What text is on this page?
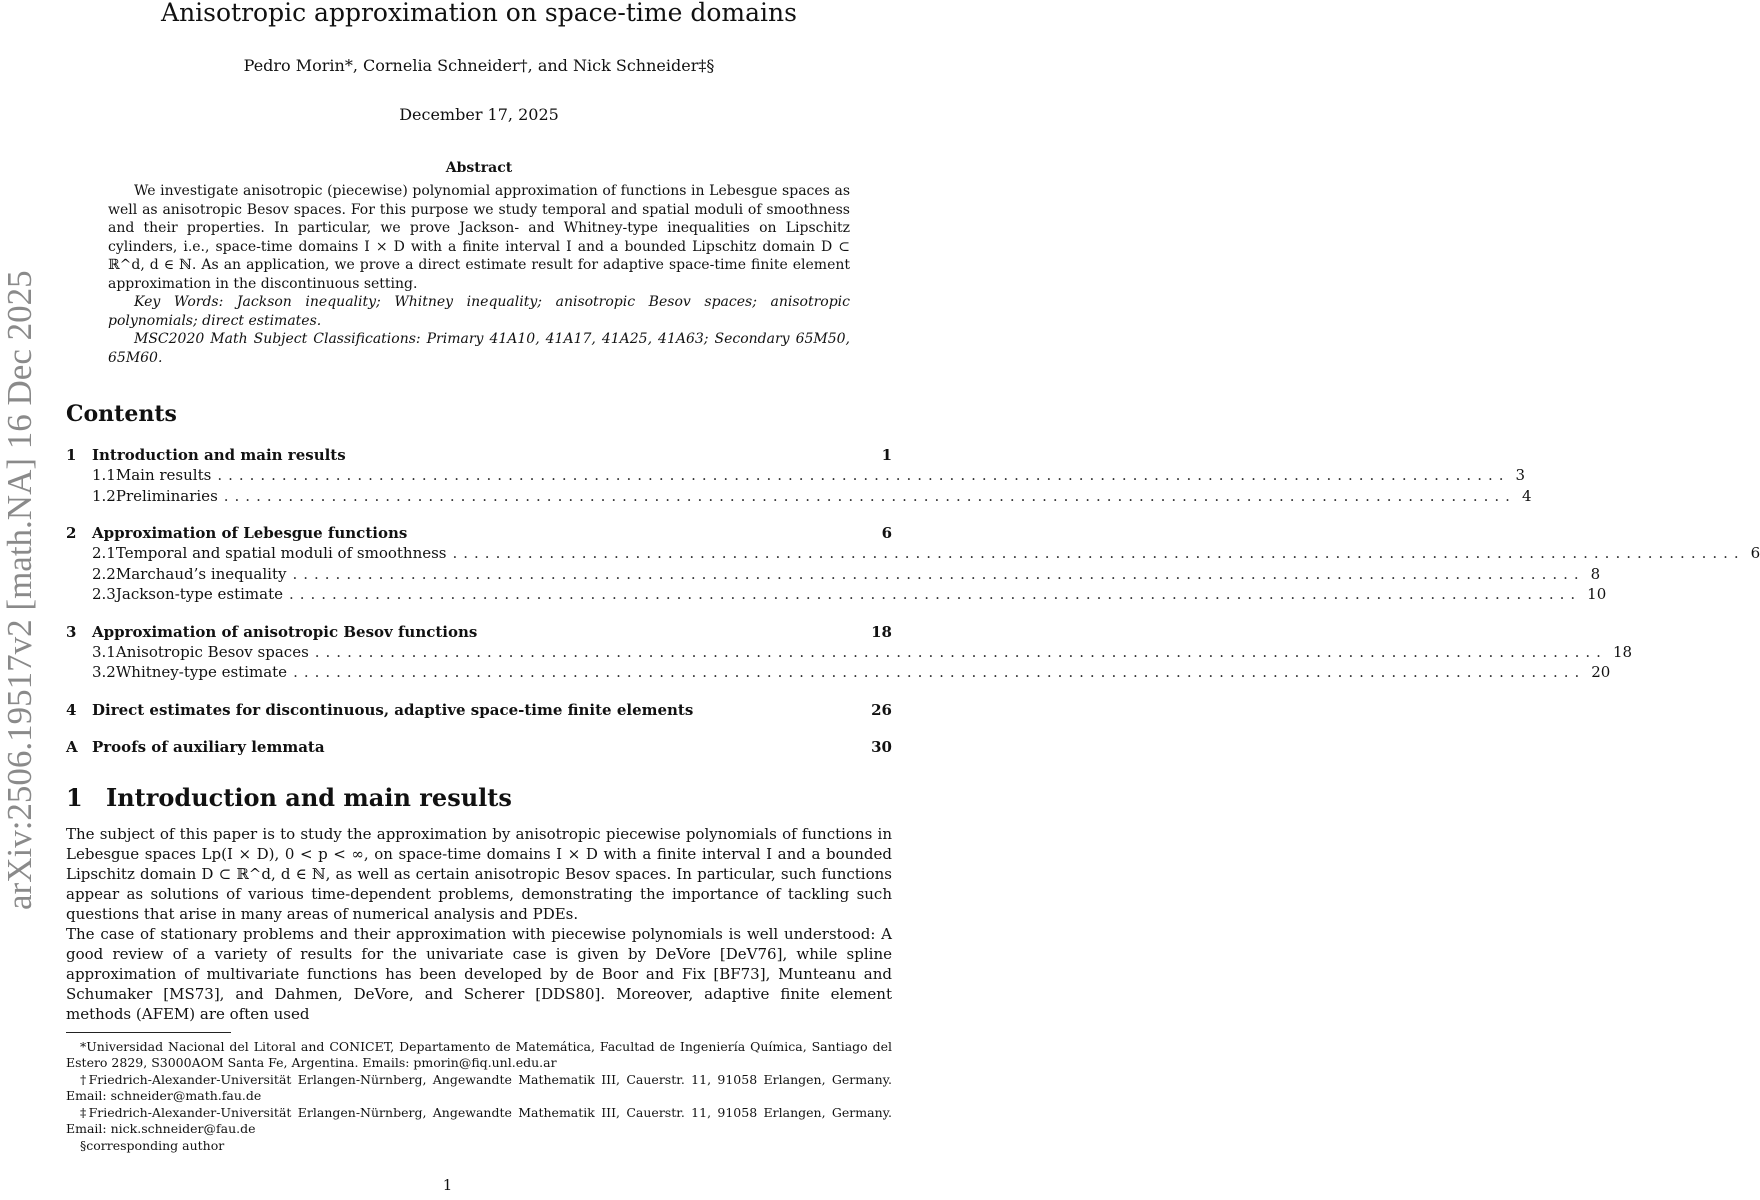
arXiv:2506.19517v2 [math.NA] 16 Dec 2025
Anisotropic approximation on space-time domains
Pedro Morin*, Cornelia Schneider†, and Nick Schneider‡§
December 17, 2025
Abstract

We investigate anisotropic (piecewise) polynomial approximation of functions in Lebesgue spaces as well as anisotropic Besov spaces. For this purpose we study temporal and spatial moduli of smoothness and their properties. In particular, we prove Jackson- and Whitney-type inequalities on Lipschitz cylinders, i.e., space-time domains I × D with a finite interval I and a bounded Lipschitz domain D ⊂ ℝ^d, d ∈ ℕ. As an application, we prove a direct estimate result for adaptive space-time finite element approximation in the discontinuous setting.

Key Words: Jackson inequality; Whitney inequality; anisotropic Besov spaces; anisotropic polynomials; direct estimates.

MSC2020 Math Subject Classifications: Primary 41A10, 41A17, 41A25, 41A63; Secondary 65M50, 65M60.

Contents
1	Introduction and main results	1
1.1 Main results ........................................................................................................................ 3
1.2 Preliminaries ........................................................................................................................ 4
2	Approximation of Lebesgue functions	6
2.1 Temporal and spatial moduli of smoothness ........................................................................................................................ 6
2.2 Marchaud’s inequality ........................................................................................................................ 8
2.3 Jackson-type estimate ........................................................................................................................ 10
3	Approximation of anisotropic Besov functions	18
3.1 Anisotropic Besov spaces ........................................................................................................................ 18
3.2 Whitney-type estimate ........................................................................................................................ 20
4	Direct estimates for discontinuous, adaptive space-time finite elements	26
A Proofs of auxiliary lemmata	30
1 Introduction and main results

The subject of this paper is to study the approximation by anisotropic piecewise polynomials of functions in Lebesgue spaces Lp(I × D), 0 < p < ∞, on space-time domains I × D with a finite interval I and a bounded Lipschitz domain D ⊂ ℝ^d, d ∈ ℕ, as well as certain anisotropic Besov spaces. In particular, such functions appear as solutions of various time-dependent problems, demonstrating the importance of tackling such questions that arise in many areas of numerical analysis and PDEs.

The case of stationary problems and their approximation with piecewise polynomials is well understood: A good review of a variety of results for the univariate case is given by DeVore [DeV76], while spline approximation of multivariate functions has been developed by de Boor and Fix [BF73], Munteanu and Schumaker [MS73], and Dahmen, DeVore, and Scherer [DDS80]. Moreover, adaptive finite element methods (AFEM) are often used

*Universidad Nacional del Litoral and CONICET, Departamento de Matemática, Facultad de Ingeniería Química, Santiago del Estero 2829, S3000AOM Santa Fe, Argentina. Emails: pmorin@fiq.unl.edu.ar

†Friedrich-Alexander-Universität Erlangen-Nürnberg, Angewandte Mathematik III, Cauerstr. 11, 91058 Erlangen, Germany. Email: schneider@math.fau.de

‡Friedrich-Alexander-Universität Erlangen-Nürnberg, Angewandte Mathematik III, Cauerstr. 11, 91058 Erlangen, Germany. Email: nick.schneider@fau.de

§corresponding author

1
